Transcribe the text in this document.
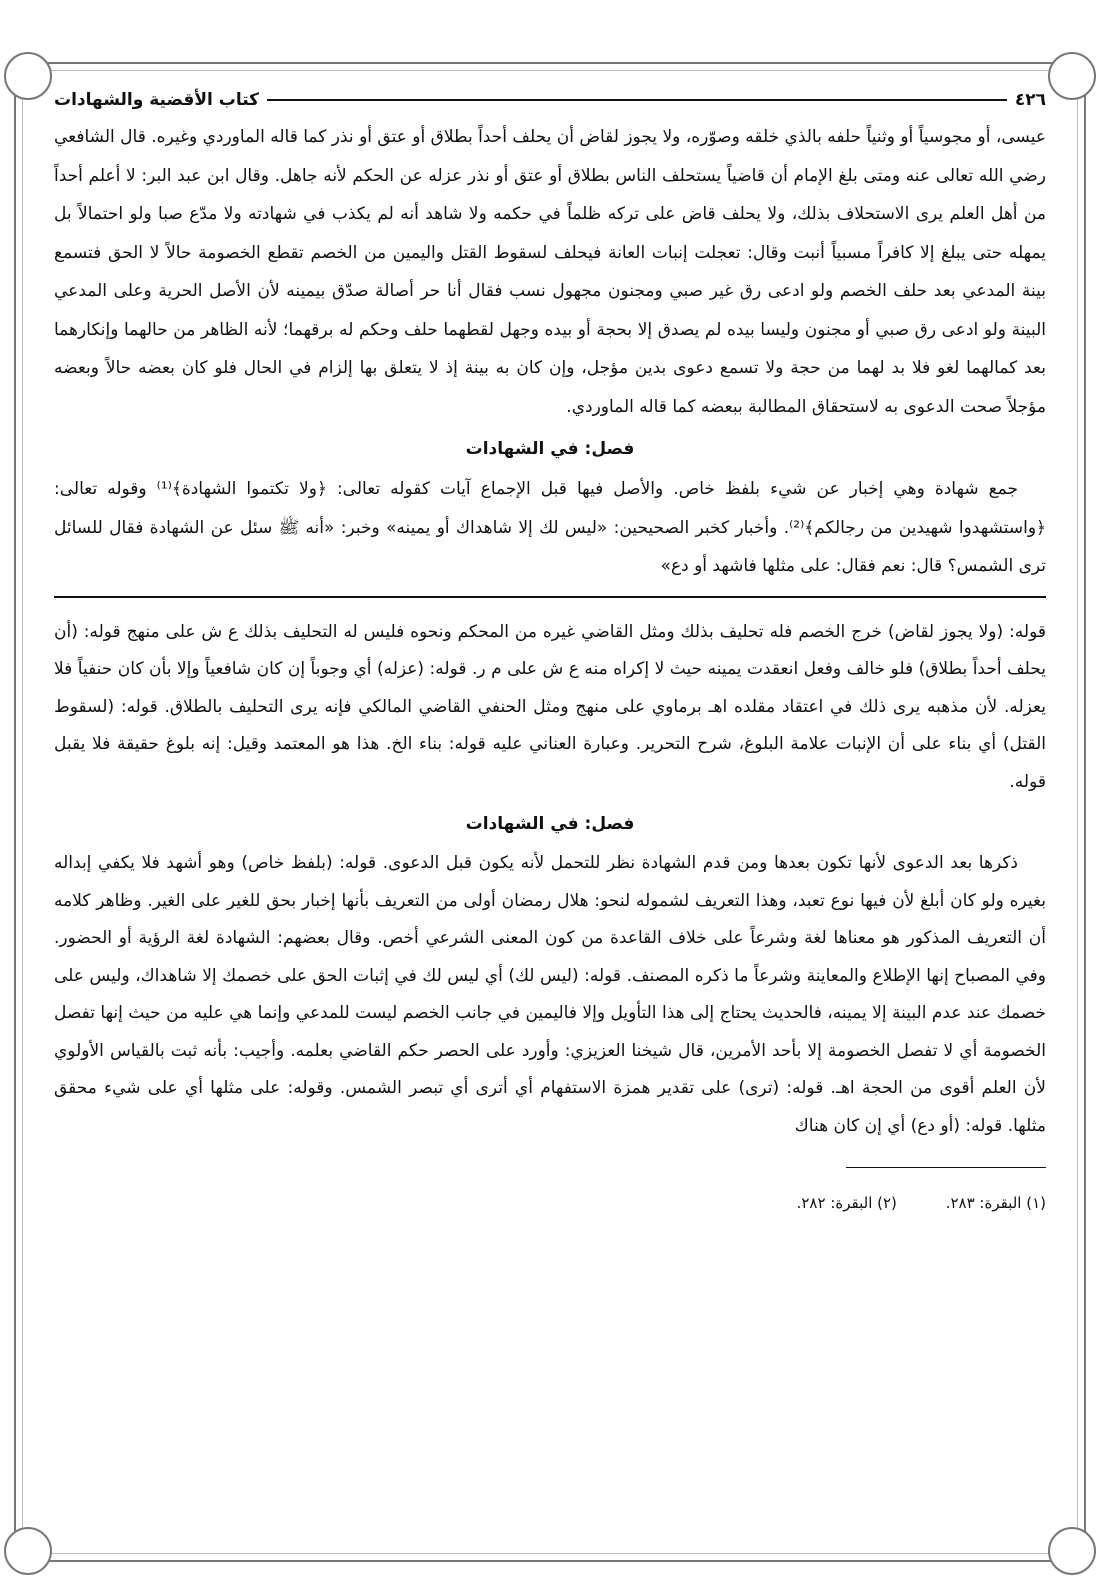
٤٢٦
كتاب الأقضية والشهادات

عيسى، أو مجوسياً أو وثنياً حلفه بالذي خلقه وصوّره، ولا يجوز لقاض أن يحلف أحداً بطلاق أو عتق أو نذر كما قاله الماوردي وغيره. قال الشافعي رضي الله تعالى عنه ومتى بلغ الإمام أن قاضياً يستحلف الناس بطلاق أو عتق أو نذر عزله عن الحكم لأنه جاهل. وقال ابن عبد البر: لا أعلم أحداً من أهل العلم يرى الاستحلاف بذلك، ولا يحلف قاض على تركه ظلماً في حكمه ولا شاهد أنه لم يكذب في شهادته ولا مدّع صبا ولو احتمالاً بل يمهله حتى يبلغ إلا كافراً مسبياً أنبت وقال: تعجلت إنبات العانة فيحلف لسقوط القتل واليمين من الخصم تقطع الخصومة حالاً لا الحق فتسمع بينة المدعي بعد حلف الخصم ولو ادعى رق غير صبي ومجنون مجهول نسب فقال أنا حر أصالة صدّق بيمينه لأن الأصل الحرية وعلى المدعي البينة ولو ادعى رق صبي أو مجنون وليسا بيده لم يصدق إلا بحجة أو بيده وجهل لقطهما حلف وحكم له برقهما؛ لأنه الظاهر من حالهما وإنكارهما بعد كمالهما لغو فلا بد لهما من حجة ولا تسمع دعوى بدين مؤجل، وإن كان به بينة إذ لا يتعلق بها إلزام في الحال فلو كان بعضه حالاً وبعضه مؤجلاً صحت الدعوى به لاستحقاق المطالبة ببعضه كما قاله الماوردي.

فصل: في الشهادات

جمع شهادة وهي إخبار عن شيء بلفظ خاص. والأصل فيها قبل الإجماع آيات كقوله تعالى: ﴿ولا تكتموا الشهادة﴾⁽¹⁾ وقوله تعالى: ﴿واستشهدوا شهيدين من رجالكم﴾⁽²⁾. وأخبار كخبر الصحيحين: «ليس لك إلا شاهداك أو يمينه» وخبر: «أنه ﷺ سئل عن الشهادة فقال للسائل ترى الشمس؟ قال: نعم فقال: على مثلها فاشهد أو دع»

قوله: (ولا يجوز لقاض) خرج الخصم فله تحليف بذلك ومثل القاضي غيره من المحكم ونحوه فليس له التحليف بذلك ع ش على منهج قوله: (أن يحلف أحداً بطلاق) فلو خالف وفعل انعقدت يمينه حيث لا إكراه منه ع ش على م ر. قوله: (عزله) أي وجوباً إن كان شافعياً وإلا بأن كان حنفياً فلا يعزله. لأن مذهبه يرى ذلك في اعتقاد مقلده اهـ برماوي على منهج ومثل الحنفي القاضي المالكي فإنه يرى التحليف بالطلاق. قوله: (لسقوط القتل) أي بناء على أن الإنبات علامة البلوغ، شرح التحرير. وعبارة العناني عليه قوله: بناء الخ. هذا هو المعتمد وقيل: إنه بلوغ حقيقة فلا يقبل قوله.

فصل: في الشهادات

ذكرها بعد الدعوى لأنها تكون بعدها ومن قدم الشهادة نظر للتحمل لأنه يكون قبل الدعوى. قوله: (بلفظ خاص) وهو أشهد فلا يكفي إبداله بغيره ولو كان أبلغ لأن فيها نوع تعبد، وهذا التعريف لشموله لنحو: هلال رمضان أولى من التعريف بأنها إخبار بحق للغير على الغير. وظاهر كلامه أن التعريف المذكور هو معناها لغة وشرعاً على خلاف القاعدة من كون المعنى الشرعي أخص. وقال بعضهم: الشهادة لغة الرؤية أو الحضور. وفي المصباح إنها الإطلاع والمعاينة وشرعاً ما ذكره المصنف. قوله: (ليس لك) أي ليس لك في إثبات الحق على خصمك إلا شاهداك، وليس على خصمك عند عدم البينة إلا يمينه، فالحديث يحتاج إلى هذا التأويل وإلا فاليمين في جانب الخصم ليست للمدعي وإنما هي عليه من حيث إنها تفصل الخصومة أي لا تفصل الخصومة إلا بأحد الأمرين، قال شيخنا العزيزي: وأورد على الحصر حكم القاضي بعلمه. وأجيب: بأنه ثبت بالقياس الأولوي لأن العلم أقوى من الحجة اهـ. قوله: (ترى) على تقدير همزة الاستفهام أي أترى أي تبصر الشمس. وقوله: على مثلها أي على شيء محقق مثلها. قوله: (أو دع) أي إن كان هناك

(١) البقرة: ٢٨٣. (٢) البقرة: ٢٨٢.
